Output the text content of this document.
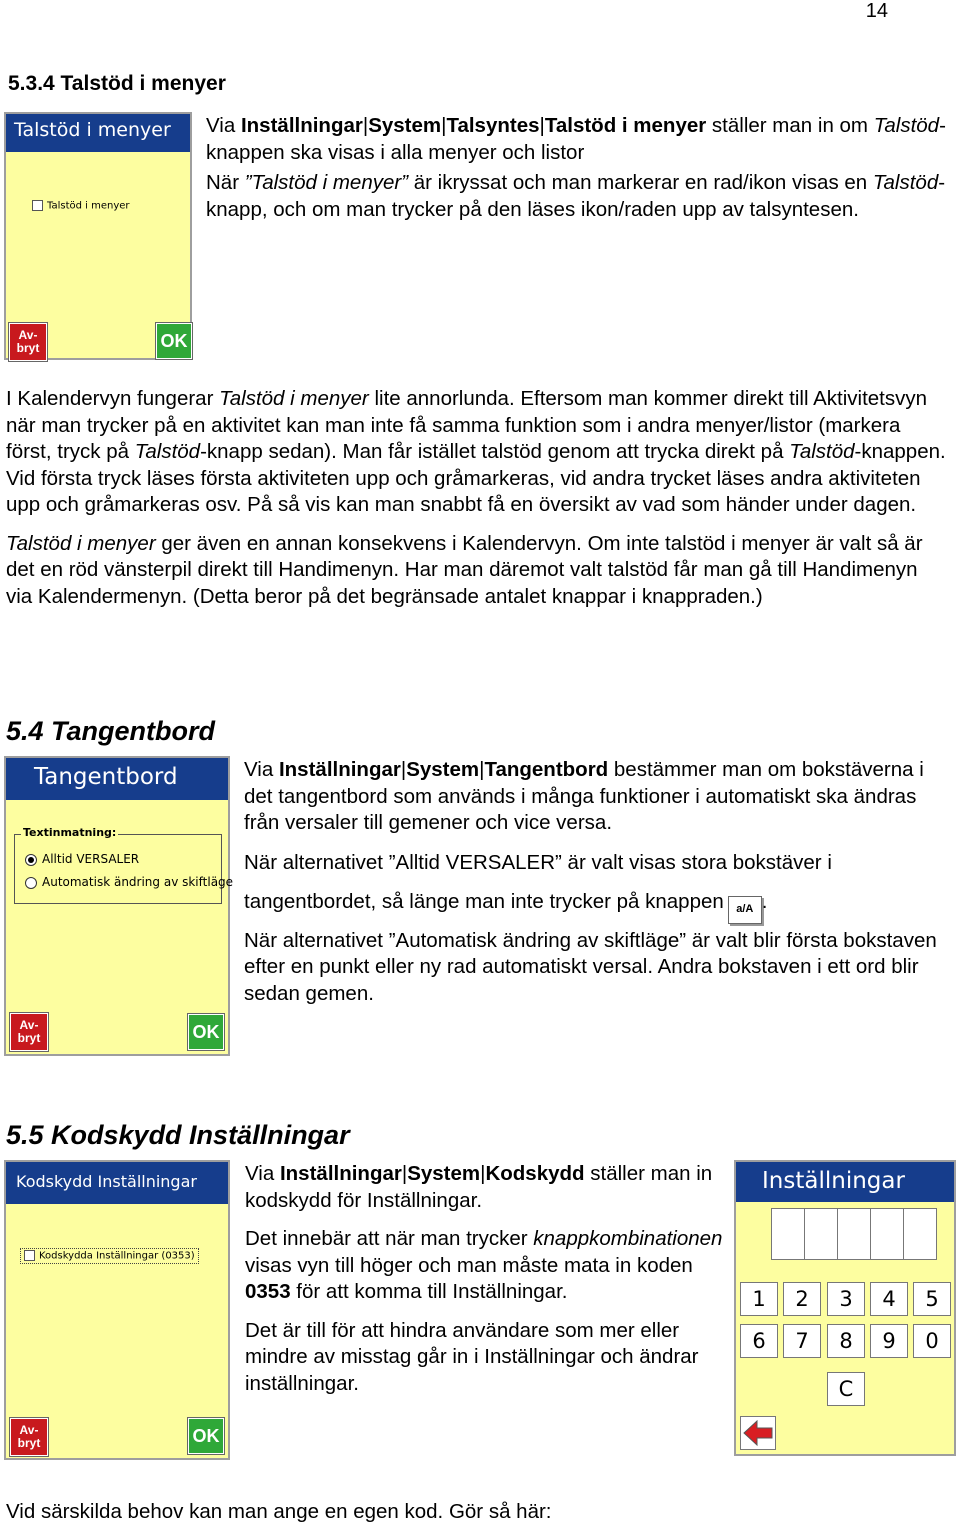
14
5.3.4 Talstöd i menyer
Talstöd i menyer
Talstöd i menyer
Av-
bryt	OK

Via Inställningar|System|Talsyntes|Talstöd i menyer ställer man in om Talstöd-knappen ska visas i alla menyer och listor

När ”Talstöd i menyer” är ikryssat och man markerar en rad/ikon visas en Talstöd-knapp, och om man trycker på den läses ikon/raden upp av talsyntesen.

I Kalendervyn fungerar Talstöd i menyer lite annorlunda. Eftersom man kommer direkt till Aktivitetsvyn när man trycker på en aktivitet kan man inte få samma funktion som i andra menyer/listor (markera först, tryck på Talstöd-knapp sedan). Man får istället talstöd genom att trycka direkt på Talstöd-knappen. Vid första tryck läses första aktiviteten upp och gråmarkeras, vid andra trycket läses andra aktiviteten upp och gråmarkeras osv. På så vis kan man snabbt få en översikt av vad som händer under dagen.

Talstöd i menyer ger även en annan konsekvens i Kalendervyn. Om inte talstöd i menyer är valt så är det en röd vänsterpil direkt till Handimenyn. Har man däremot valt talstöd får man gå till Handimenyn via Kalendermenyn. (Detta beror på det begränsade antalet knappar i knappraden.)

5.4 Tangentbord
Tangentbord
Textinmatning:
Alltid VERSALER
Automatisk ändring av skiftläge
Av-
bryt	OK

Via Inställningar|System|Tangentbord bestämmer man om bokstäverna i det tangentbord som används i många funktioner i automatiskt ska ändras från versaler till gemener och vice versa.

När alternativet ”Alltid VERSALER” är valt visas stora bokstäver i tangentbordet, så länge man inte trycker på knappen a/A .

När alternativet ”Automatisk ändring av skiftläge” är valt blir första bokstaven efter en punkt eller ny rad automatiskt versal. Andra bokstaven i ett ord blir sedan gemen.

5.5 Kodskydd Inställningar
Kodskydd Inställningar
Kodskydda Inställningar (0353)
Av-
bryt	OK

Via Inställningar|System|Kodskydd ställer man in kodskydd för Inställningar.

Det innebär att när man trycker knappkombinationen visas vyn till höger och man måste mata in koden 0353 för att komma till Inställningar.

Det är till för att hindra användare som mer eller mindre av misstag går in i Inställningar och ändrar inställningar.

Inställningar
1	2	3	4	5
6	7	8	9	0
C
Vid särskilda behov kan man ange en egen kod. Gör så här:
